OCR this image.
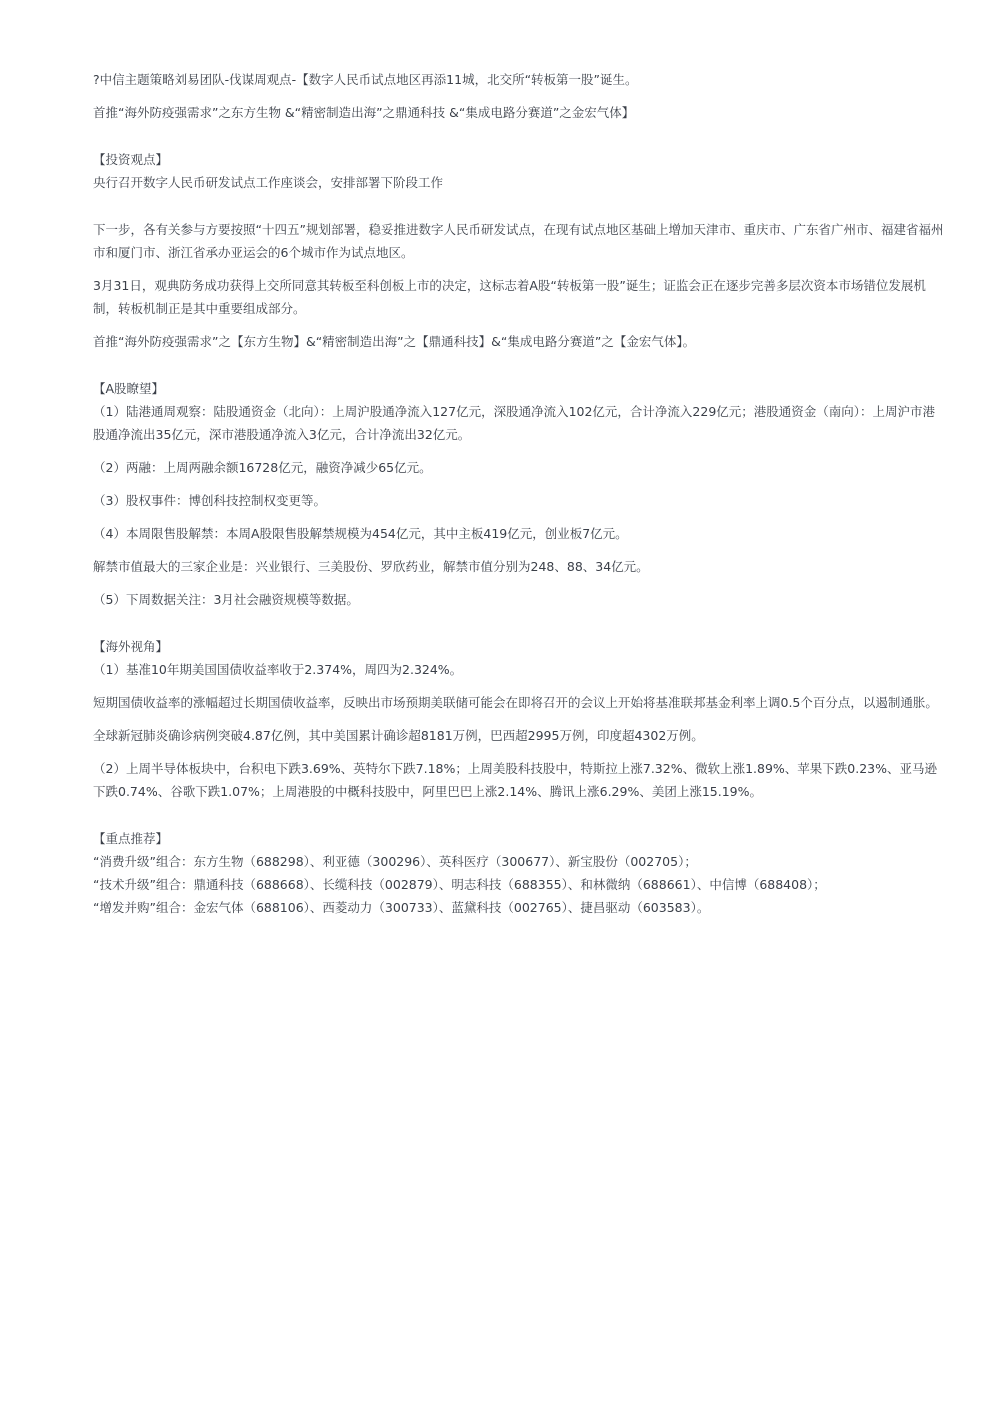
?中信主题策略刘易团队-伐谋周观点-【数字人民币试点地区再添11城，北交所“转板第一股”诞生。

首推“海外防疫强需求”之东方生物 &“精密制造出海”之鼎通科技 &“集成电路分赛道”之金宏气体】

【投资观点】

央行召开数字人民币研发试点工作座谈会，安排部署下阶段工作

下一步，各有关参与方要按照“十四五”规划部署，稳妥推进数字人民币研发试点，在现有试点地区基础上增加天津市、重庆市、广东省广州市、福建省福州市和厦门市、浙江省承办亚运会的6个城市作为试点地区。

3月31日，观典防务成功获得上交所同意其转板至科创板上市的决定，这标志着A股“转板第一股”诞生；证监会正在逐步完善多层次资本市场错位发展机制，转板机制正是其中重要组成部分。

首推“海外防疫强需求”之【东方生物】&“精密制造出海”之【鼎通科技】&“集成电路分赛道”之【金宏气体】。

【A股瞭望】

（1）陆港通周观察：陆股通资金（北向）：上周沪股通净流入127亿元，深股通净流入102亿元，合计净流入229亿元；港股通资金（南向）：上周沪市港股通净流出35亿元，深市港股通净流入3亿元，合计净流出32亿元。

（2）两融：上周两融余额16728亿元，融资净减少65亿元。

（3）股权事件：博创科技控制权变更等。

（4）本周限售股解禁：本周A股限售股解禁规模为454亿元，其中主板419亿元，创业板7亿元。

解禁市值最大的三家企业是：兴业银行、三美股份、罗欣药业，解禁市值分别为248、88、34亿元。

（5）下周数据关注：3月社会融资规模等数据。

【海外视角】

（1）基准10年期美国国债收益率收于2.374%，周四为2.324%。

短期国债收益率的涨幅超过长期国债收益率，反映出市场预期美联储可能会在即将召开的会议上开始将基准联邦基金利率上调0.5个百分点，以遏制通胀。

全球新冠肺炎确诊病例突破4.87亿例，其中美国累计确诊超8181万例，巴西超2995万例，印度超4302万例。

（2）上周半导体板块中，台积电下跌3.69%、英特尔下跌7.18%；上周美股科技股中，特斯拉上涨7.32%、微软上涨1.89%、苹果下跌0.23%、亚马逊下跌0.74%、谷歌下跌1.07%；上周港股的中概科技股中，阿里巴巴上涨2.14%、腾讯上涨6.29%、美团上涨15.19%。

【重点推荐】

“消费升级”组合：东方生物（688298）、利亚德（300296）、英科医疗（300677）、新宝股份（002705）；

“技术升级”组合：鼎通科技（688668）、长缆科技（002879）、明志科技（688355）、和林微纳（688661）、中信博（688408）；

“增发并购”组合：金宏气体（688106）、西菱动力（300733）、蓝黛科技（002765）、捷昌驱动（603583）。
